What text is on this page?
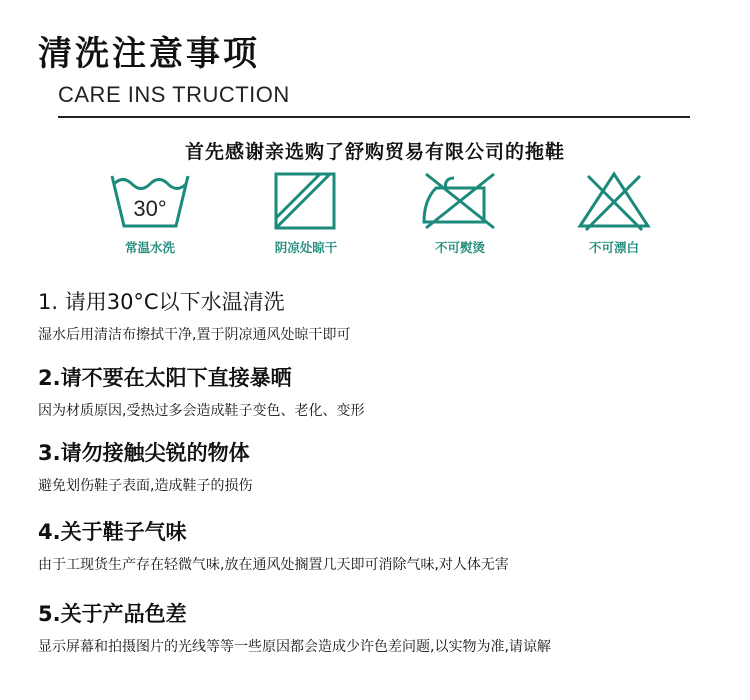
清洗注意事项
CARE INS TRUCTION
首先感谢亲选购了舒购贸易有限公司的拖鞋
30°
常温水洗	阴凉处晾干	不可熨烫	不可漂白
1. 请用30°C以下水温清洗
湿水后用清洁布擦拭干净,置于阴凉通风处晾干即可
2.请不要在太阳下直接暴晒
因为材质原因,受热过多会造成鞋子变色、老化、变形
3.请勿接触尖锐的物体
避免划伤鞋子表面,造成鞋子的损伤
4.关于鞋子气味
由于工现货生产存在轻微气味,放在通风处搁置几天即可消除气味,对人体无害
5.关于产品色差
显示屏幕和拍摄图片的光线等等一些原因都会造成少许色差问题,以实物为准,请谅解
